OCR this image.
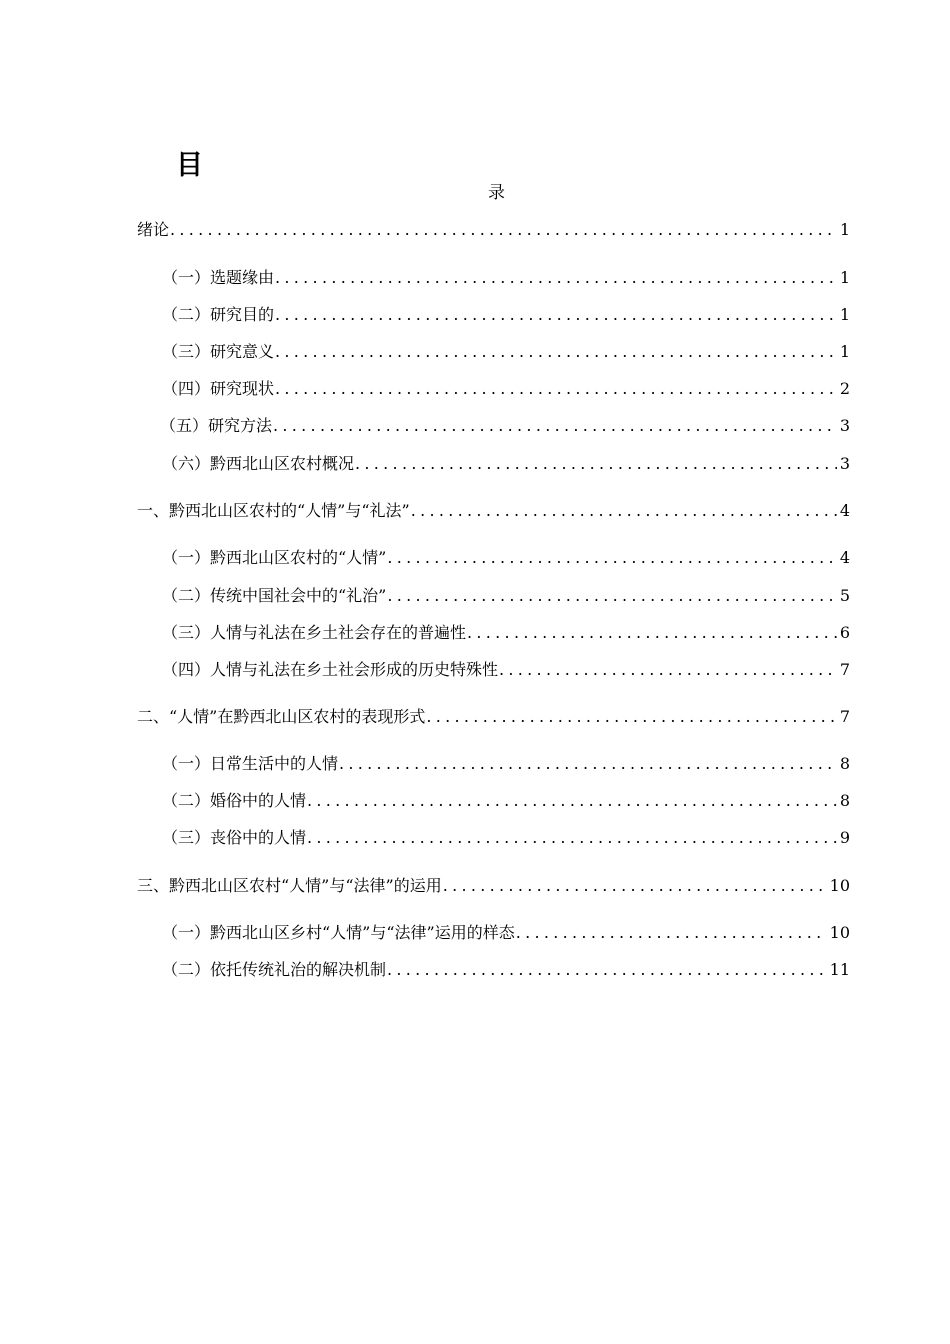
目
录
绪论 .....	1
（一）选题缘由 .....	1
（二）研究目的 .....	1
（三）研究意义 .....	1
（四）研究现状 .....	2
（五）研究方法 .....	3
（六）黔西北山区农村概况 .....	3
一、黔西北山区农村的“人情”与“礼法” .....	4
（一）黔西北山区农村的“人情” .....	4
（二）传统中国社会中的“礼治” .....	5
（三）人情与礼法在乡土社会存在的普遍性 .....	6
（四）人情与礼法在乡土社会形成的历史特殊性 .....	7
二、“人情”在黔西北山区农村的表现形式 .....	7
（一）日常生活中的人情 .....	8
（二）婚俗中的人情 .....	8
（三）丧俗中的人情 .....	9
三、黔西北山区农村“人情”与“法律”的运用 .....	10
（一）黔西北山区乡村“人情”与“法律”运用的样态 .....	10
（二）依托传统礼治的解决机制 .....	11
